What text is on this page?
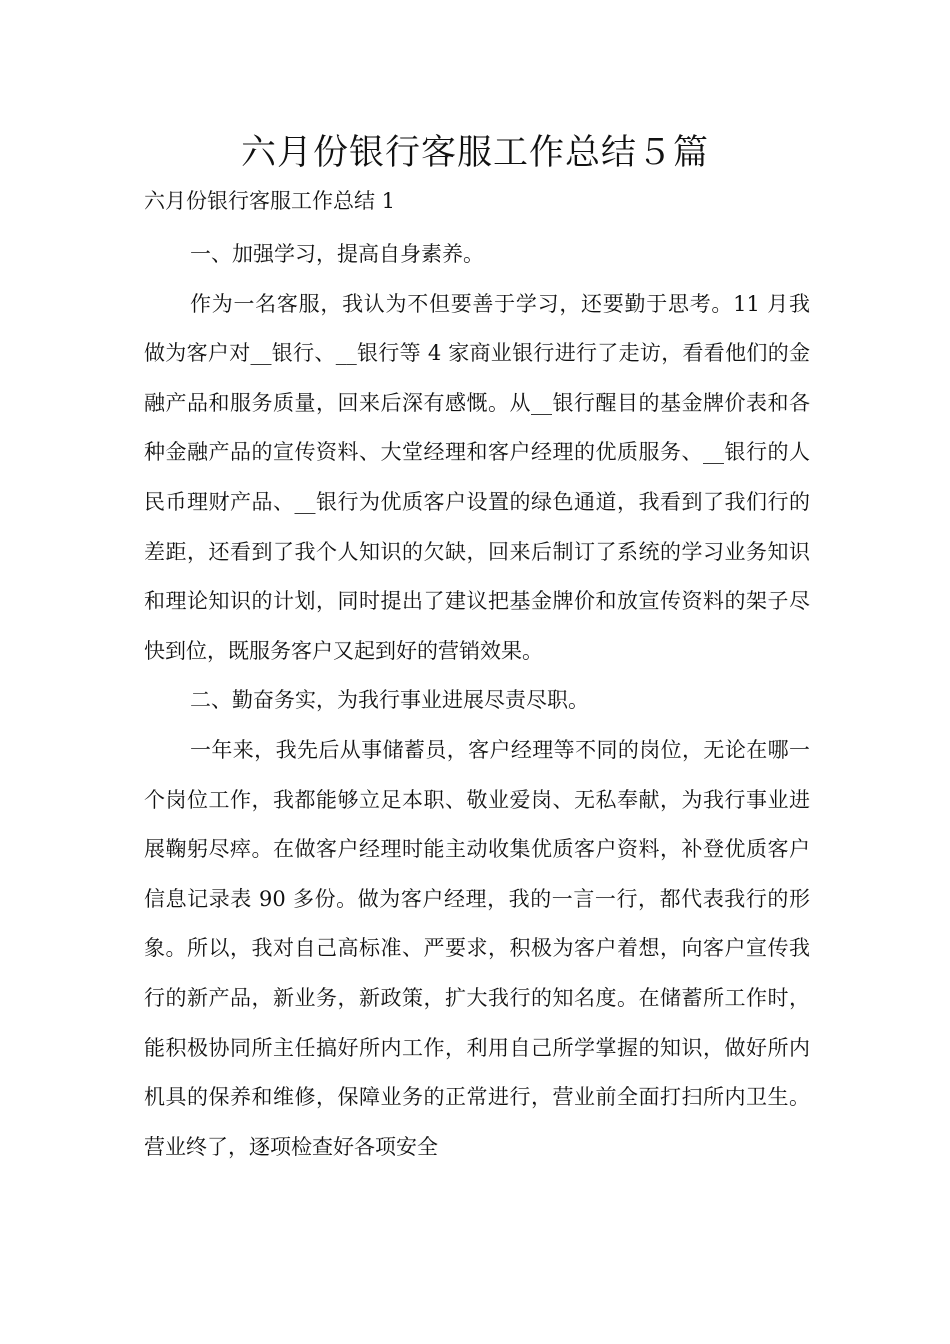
六月份银行客服工作总结５篇
六月份银行客服工作总结 1

一、加强学习，提高自身素养。

作为一名客服，我认为不但要善于学习，还要勤于思考。11 月我做为客户对__银行、__银行等 4 家商业银行进行了走访，看看他们的金融产品和服务质量，回来后深有感慨。从__银行醒目的基金牌价表和各种金融产品的宣传资料、大堂经理和客户经理的优质服务、__银行的人民币理财产品、__银行为优质客户设置的绿色通道，我看到了我们行的差距，还看到了我个人知识的欠缺，回来后制订了系统的学习业务知识和理论知识的计划，同时提出了建议把基金牌价和放宣传资料的架子尽快到位，既服务客户又起到好的营销效果。

二、勤奋务实，为我行事业进展尽责尽职。

一年来，我先后从事储蓄员，客户经理等不同的岗位，无论在哪一个岗位工作，我都能够立足本职、敬业爱岗、无私奉献，为我行事业进展鞠躬尽瘁。在做客户经理时能主动收集优质客户资料，补登优质客户信息记录表 90 多份。做为客户经理，我的一言一行，都代表我行的形象。所以，我对自己高标准、严要求，积极为客户着想，向客户宣传我行的新产品，新业务，新政策，扩大我行的知名度。在储蓄所工作时，能积极协同所主任搞好所内工作，利用自己所学掌握的知识，做好所内机具的保养和维修，保障业务的正常进行，营业前全面打扫所内卫生。营业终了，逐项检查好各项安全
